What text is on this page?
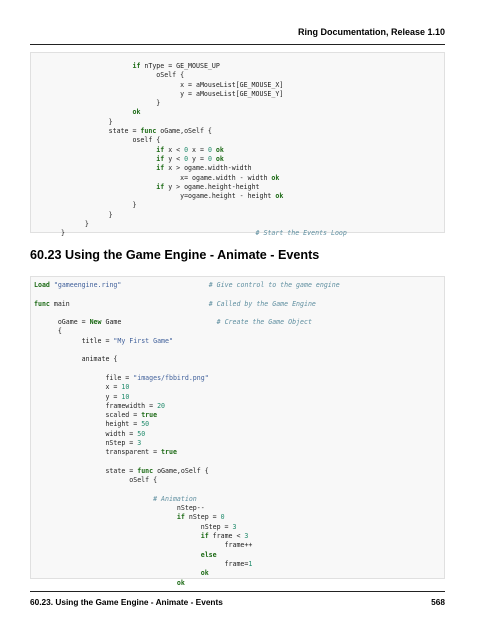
Ring Documentation, Release 1.10
if nType = GE_MOUSE_UP
oSelf {
x = aMouseList[GE_MOUSE_X]
y = aMouseList[GE_MOUSE_Y]
}
ok
}
state = func oGame,oSelf {
oself {
if x < 0 x = 0 ok
if y < 0 y = 0 ok
if x > ogame.width-width
x= ogame.width - width ok
if y > ogame.height-height
y=ogame.height - height ok
}
}
}
}	# Start the Events Loop
60.23 Using the Game Engine - Animate - Events
Load "gameengine.ring"	# Give control to the game engine

func main	# Called by the Game Engine

oGame = New Game	# Create the Game Object
{
title = "My First Game"

animate {

file = "images/fbbird.png"
x = 10
y = 10
framewidth = 20
scaled = true
height = 50
width = 50
nStep = 3
transparent = true

state = func oGame,oSelf {
oSelf {

# Animation
nStep--
if nStep = 0
nStep = 3
if frame < 3
frame++
else
frame=1
ok
ok
60.23. Using the Game Engine - Animate - Events	568
